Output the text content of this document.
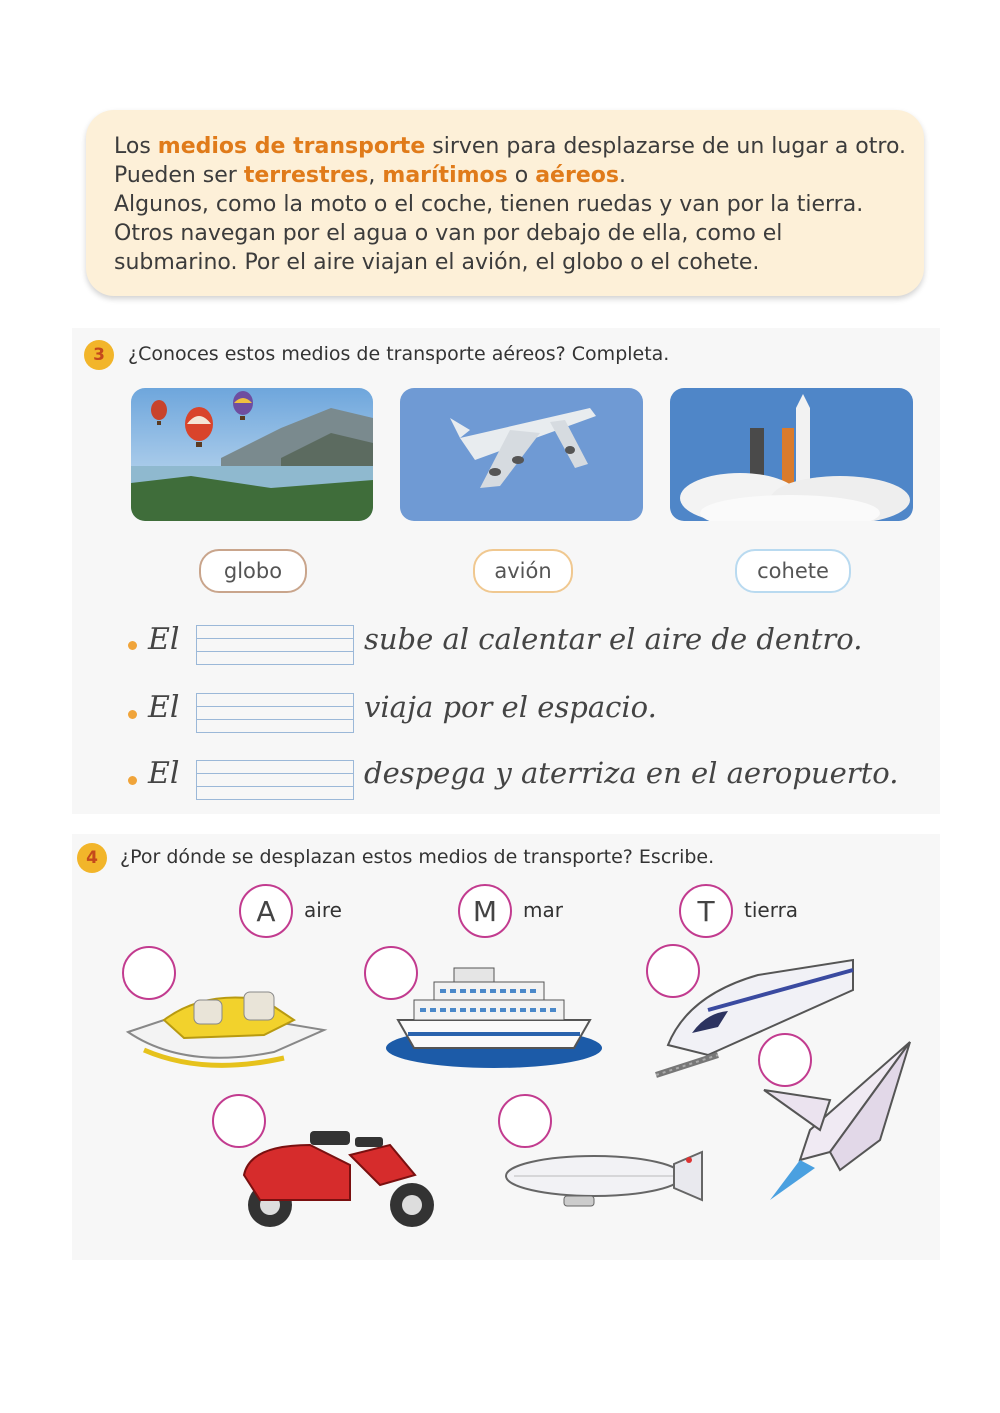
Los medios de transporte sirven para desplazarse de un lugar a otro.
Pueden ser terrestres, marítimos o aéreos.
Algunos, como la moto o el coche, tienen ruedas y van por la tierra.
Otros navegan por el agua o van por debajo de ella, como el
submarino. Por el aire viajan el avión, el globo o el cohete.
3	¿Conoces estos medios de transporte aéreos? Completa.
globo	avión	cohete
El	sube al calentar el aire de dentro.
El	viaja por el espacio.
El	despega y aterriza en el aeropuerto.
4	¿Por dónde se desplazan estos medios de transporte? Escribe.
A	aire	M	mar	T	tierra
